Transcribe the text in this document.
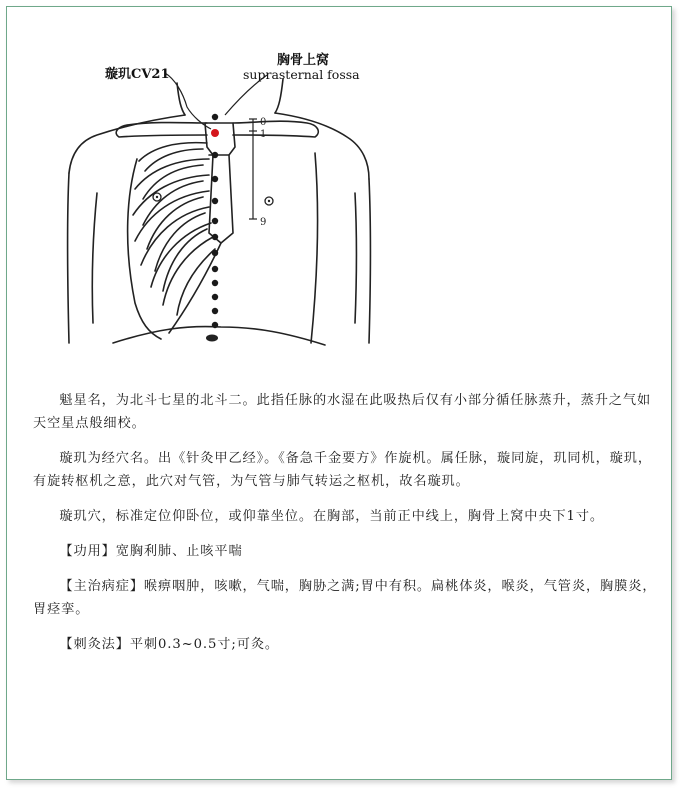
0
1
9
璇玑CV21
胸骨上窝
suprasternal fossa

魁星名，为北斗七星的北斗二。此指任脉的水湿在此吸热后仅有小部分循任脉蒸升，蒸升之气如天空星点般细校。

璇玑为经穴名。出《针灸甲乙经》。《备急千金要方》作旋机。属任脉，璇同旋，玑同机，璇玑，有旋转枢机之意，此穴对气管，为气管与肺气转运之枢机，故名璇玑。

璇玑穴，标准定位仰卧位，或仰靠坐位。在胸部，当前正中线上，胸骨上窝中央下1寸。

【功用】宽胸利肺、止咳平喘

【主治病症】喉痹咽肿，咳嗽，气喘，胸胁之满;胃中有积。扁桃体炎，喉炎，气管炎，胸膜炎，胃痉挛。

【刺灸法】平刺0.3~0.5寸;可灸。
